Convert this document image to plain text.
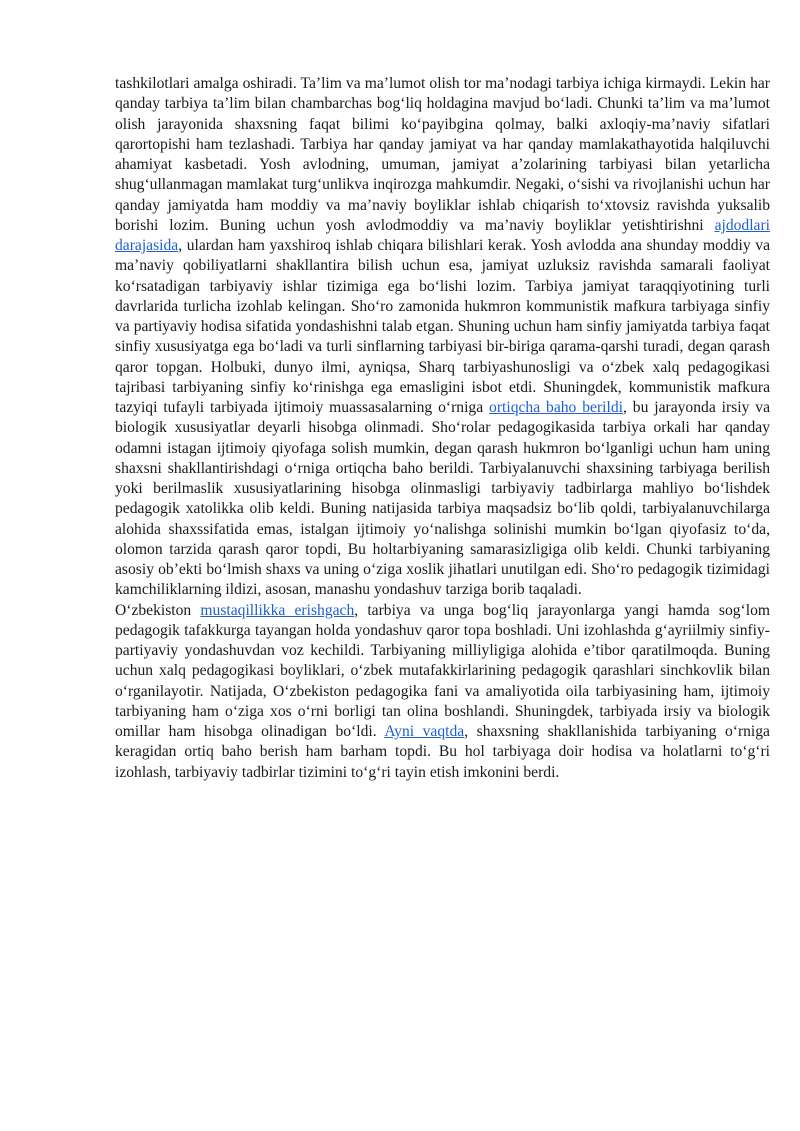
tashkilotlari amalga oshiradi. Ta’lim va ma’lumot olish tor ma’nodagi tarbiya ichiga kirmaydi. Lekin har qanday tarbiya ta’lim bilan chambarchas bog‘liq holdagina mavjud bo‘ladi. Chunki ta’lim va ma’lumot olish jarayonida shaxsning faqat bilimi ko‘payibgina qolmay, balki axloqiy-ma’naviy sifatlari qarortopishi ham tezlashadi. Tarbiya har qanday jamiyat va har qanday mamlakathayotida halqiluvchi ahamiyat kasbetadi. Yosh avlodning, umuman, jamiyat a’zolarining tarbiyasi bilan yetarlicha shug‘ullanmagan mamlakat turg‘unlikva inqirozga mahkumdir. Negaki, o‘sishi va rivojlanishi uchun har qanday jamiyatda ham moddiy va ma’naviy boyliklar ishlab chiqarish to‘xtovsiz ravishda yuksalib borishi lozim. Buning uchun yosh avlodmoddiy va ma’naviy boyliklar yetishtirishni ajdodlari darajasida, ulardan ham yaxshiroq ishlab chiqara bilishlari kerak. Yosh avlodda ana shunday moddiy va ma’naviy qobiliyatlarni shakllantira bilish uchun esa, jamiyat uzluksiz ravishda samarali faoliyat ko‘rsatadigan tarbiyaviy ishlar tizimiga ega bo‘lishi lozim. Tarbiya jamiyat taraqqiyotining turli davrlarida turlicha izohlab kelingan. Sho‘ro zamonida hukmron kommunistik mafkura tarbiyaga sinfiy va partiyaviy hodisa sifatida yondashishni talab etgan. Shuning uchun ham sinfiy jamiyatda tarbiya faqat sinfiy xususiyatga ega bo‘ladi va turli sinflarning tarbiyasi bir-biriga qarama-qarshi turadi, degan qarash qaror topgan. Holbuki, dunyo ilmi, ayniqsa, Sharq tarbiyashunosligi va o‘zbek xalq pedagogikasi tajribasi tarbiyaning sinfiy ko‘rinishga ega emasligini isbot etdi. Shuningdek, kommunistik mafkura tazyiqi tufayli tarbiyada ijtimoiy muassasalarning o‘rniga ortiqcha baho berildi, bu jarayonda irsiy va biologik xususiyatlar deyarli hisobga olinmadi. Sho‘rolar pedagogikasida tarbiya orkali har qanday odamni istagan ijtimoiy qiyofaga solish mumkin, degan qarash hukmron bo‘lganligi uchun ham uning shaxsni shakllantirishdagi o‘rniga ortiqcha baho berildi. Tarbiyalanuvchi shaxsining tarbiyaga berilish yoki berilmaslik xususiyatlarining hisobga olinmasligi tarbiyaviy tadbirlarga mahliyo bo‘lishdek pedagogik xatolikka olib keldi. Buning natijasida tarbiya maqsadsiz bo‘lib qoldi, tarbiyalanuvchilarga alohida shaxssifatida emas, istalgan ijtimoiy yo‘nalishga solinishi mumkin bo‘lgan qiyofasiz to‘da, olomon tarzida qarash qaror topdi, Bu holtarbiyaning samarasizligiga olib keldi. Chunki tarbiyaning asosiy ob’ekti bo‘lmish shaxs va uning o‘ziga xoslik jihatlari unutilgan edi. Sho‘ro pedagogik tizimidagi kamchiliklarning ildizi, asosan, manashu yondashuv tarziga borib taqaladi.

O‘zbekiston mustaqillikka erishgach, tarbiya va unga bog‘liq jarayonlarga yangi hamda sog‘lom pedagogik tafakkurga tayangan holda yondashuv qaror topa boshladi. Uni izohlashda g‘ayriilmiy sinfiy-partiyaviy yondashuvdan voz kechildi. Tarbiyaning milliyligiga alohida e’tibor qaratilmoqda. Buning uchun xalq pedagogikasi boyliklari, o‘zbek mutafakkirlarining pedagogik qarashlari sinchkovlik bilan o‘rganilayotir. Natijada, O‘zbekiston pedagogika fani va amaliyotida oila tarbiyasining ham, ijtimoiy tarbiyaning ham o‘ziga xos o‘rni borligi tan olina boshlandi. Shuningdek, tarbiyada irsiy va biologik omillar ham hisobga olinadigan bo‘ldi. Ayni vaqtda, shaxsning shakllanishida tarbiyaning o‘rniga keragidan ortiq baho berish ham barham topdi. Bu hol tarbiyaga doir hodisa va holatlarni to‘g‘ri izohlash, tarbiyaviy tadbirlar tizimini to‘g‘ri tayin etish imkonini berdi.
